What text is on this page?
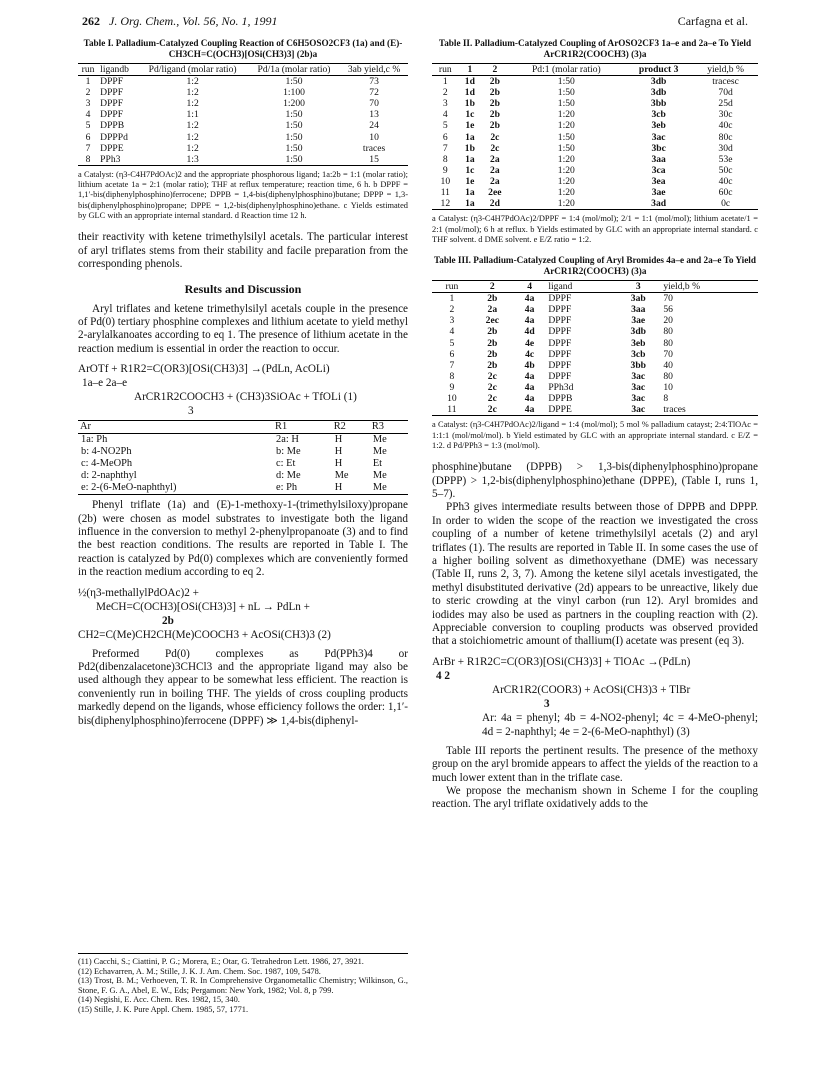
262 J. Org. Chem., Vol. 56, No. 1, 1991	Carfagna et al.

Table I. Palladium-Catalyzed Coupling Reaction of C6H5OSO2CF3 (1a) and (E)-CH3CH=C(OCH3)[OSi(CH3)3] (2b)a

run	ligandb	Pd/ligand (molar ratio)	Pd/1a (molar ratio)	3ab yield,c %
1	DPPF	1:2	1:50	73
2	DPPF	1:2	1:100	72
3	DPPF	1:2	1:200	70
4	DPPF	1:1	1:50	13
5	DPPB	1:2	1:50	24
6	DPPPd	1:2	1:50	10
7	DPPE	1:2	1:50	traces
8	PPh3	1:3	1:50	15

a Catalyst: (η3-C4H7PdOAc)2 and the appropriate phosphorous ligand; 1a:2b = 1:1 (molar ratio); lithium acetate 1a = 2:1 (molar ratio); THF at reflux temperature; reaction time, 6 h. b DPPF = 1,1′-bis(diphenylphosphino)ferrocene; DPPB = 1,4-bis(diphenylphosphino)butane; DPPP = 1,3-bis(diphenylphosphino)propane; DPPE = 1,2-bis(diphenylphosphino)ethane. c Yields estimated by GLC with an appropriate internal standard. d Reaction time 12 h.

their reactivity with ketene trimethylsilyl acetals. The particular interest of aryl triflates stems from their stability and facile preparation from the corresponding phenols.

Results and Discussion

Aryl triflates and ketene trimethylsilyl acetals couple in the presence of Pd(0) tertiary phosphine complexes and lithium acetate to yield methyl 2-arylalkanoates according to eq 1. The presence of lithium acetate in the reaction medium is essential in order the reaction to occur.

ArOTf + R1R2=C(OR3)[OSi(CH3)3] →(PdLn, AcOLi)
1a–e 2a–e
ArCR1R2COOCH3 + (CH3)3SiOAc + TfOLi (1)
3
Ar	R1	R2	R3
1a: Ph	2a: H	H	Me
b: 4-NO2Ph	b: Me	H	Me
c: 4-MeOPh	c: Et	H	Et
d: 2-naphthyl	d: Me	Me	Me
e: 2-(6-MeO-naphthyl)	e: Ph	H	Me

Phenyl triflate (1a) and (E)-1-methoxy-1-(trimethylsiloxy)propane (2b) were chosen as model substrates to investigate both the ligand influence in the conversion to methyl 2-phenylpropanoate (3) and to find the best reaction conditions. The results are reported in Table I. The reaction is catalyzed by Pd(0) complexes which are conveniently formed in the reaction medium according to eq 2.

½(η3-methallylPdOAc)2 +
MeCH=C(OCH3)[OSi(CH3)3] + nL → PdLn +
2b
CH2=C(Me)CH2CH(Me)COOCH3 + AcOSi(CH3)3 (2)

Preformed Pd(0) complexes as Pd(PPh3)4 or Pd2(dibenzalacetone)3CHCl3 and the appropriate ligand may also be used although they appear to be somewhat less efficient. The reaction is conveniently run in boiling THF. The yields of cross coupling products markedly depend on the ligands, whose efficiency follows the order: 1,1′-bis(diphenylphosphino)ferrocene (DPPF) ≫ 1,4-bis(diphenyl-

(11) Cacchi, S.; Ciattini, P. G.; Morera, E.; Otar, G. Tetrahedron Lett. 1986, 27, 3921.

(12) Echavarren, A. M.; Stille, J. K. J. Am. Chem. Soc. 1987, 109, 5478.

(13) Trost, B. M.; Verhoeven, T. R. In Comprehensive Organometallic Chemistry; Wilkinson, G., Stone, F. G. A., Abel, E. W., Eds; Pergamon: New York, 1982; Vol. 8, p 799.

(14) Negishi, E. Acc. Chem. Res. 1982, 15, 340.

(15) Stille, J. K. Pure Appl. Chem. 1985, 57, 1771.

Table II. Palladium-Catalyzed Coupling of ArOSO2CF3 1a–e and 2a–e To Yield ArCR1R2(COOCH3) (3)a

run	1	2	Pd:1 (molar ratio)	product 3	yield,b %
1	1d	2b	1:50	3db	tracesc
2	1d	2b	1:50	3db	70d
3	1b	2b	1:50	3bb	25d
4	1c	2b	1:20	3cb	30c
5	1e	2b	1:20	3eb	40c
6	1a	2c	1:50	3ac	80c
7	1b	2c	1:50	3bc	30d
8	1a	2a	1:20	3aa	53e
9	1c	2a	1:20	3ca	50c
10	1e	2a	1:20	3ea	40c
11	1a	2ee	1:20	3ae	60c
12	1a	2d	1:20	3ad	0c

a Catalyst: (η3-C4H7PdOAc)2/DPPF = 1:4 (mol/mol); 2/1 = 1:1 (mol/mol); lithium acetate/1 = 2:1 (mol/mol); 6 h at reflux. b Yields estimated by GLC with an appropriate internal standard. c THF solvent. d DME solvent. e E/Z ratio = 1:2.

Table III. Palladium-Catalyzed Coupling of Aryl Bromides 4a–e and 2a–e To Yield ArCR1R2(COOCH3) (3)a

run	2	4	ligand	3	yield,b %
1	2b	4a	DPPF	3ab	70
2	2a	4a	DPPF	3aa	56
3	2ec	4a	DPPF	3ae	20
4	2b	4d	DPPF	3db	80
5	2b	4e	DPPF	3eb	80
6	2b	4c	DPPF	3cb	70
7	2b	4b	DPPF	3bb	40
8	2c	4a	DPPF	3ac	80
9	2c	4a	PPh3d	3ac	10
10	2c	4a	DPPB	3ac	8
11	2c	4a	DPPE	3ac	traces

a Catalyst: (η3-C4H7PdOAc)2/ligand = 1:4 (mol/mol); 5 mol % palladium catayst; 2:4:TlOAc = 1:1:1 (mol/mol/mol). b Yield estimated by GLC with an appropriate internal standard. c E/Z = 1:2. d Pd/PPh3 = 1:3 (mol/mol).

phosphine)butane (DPPB) > 1,3-bis(diphenylphosphino)propane (DPPP) > 1,2-bis(diphenylphosphino)ethane (DPPE), (Table I, runs 1, 5–7).

PPh3 gives intermediate results between those of DPPB and DPPP. In order to widen the scope of the reaction we investigated the cross coupling of a number of ketene trimethylsilyl acetals (2) and aryl triflates (1). The results are reported in Table II. In some cases the use of a higher boiling solvent as dimethoxyethane (DME) was necessary (Table II, runs 2, 3, 7). Among the ketene silyl acetals investigated, the methyl disubstituted derivative (2d) appears to be unreactive, likely due to steric crowding at the vinyl carbon (run 12). Aryl bromides and iodides may also be used as partners in the coupling reaction with (2). Appreciable conversion to coupling products was observed provided that a stoichiometric amount of thallium(I) acetate was present (eq 3).

ArBr + R1R2C=C(OR3)[OSi(CH3)3] + TlOAc →(PdLn)
4 2
ArCR1R2(COOR3) + AcOSi(CH3)3 + TlBr
3
Ar: 4a = phenyl; 4b = 4-NO2-phenyl; 4c = 4-MeO-phenyl; 4d = 2-naphthyl; 4e = 2-(6-MeO-naphthyl) (3)

Table III reports the pertinent results. The presence of the methoxy group on the aryl bromide appears to affect the yields of the reaction to a much lower extent than in the triflate case.

We propose the mechanism shown in Scheme I for the coupling reaction. The aryl triflate oxidatively adds to the
